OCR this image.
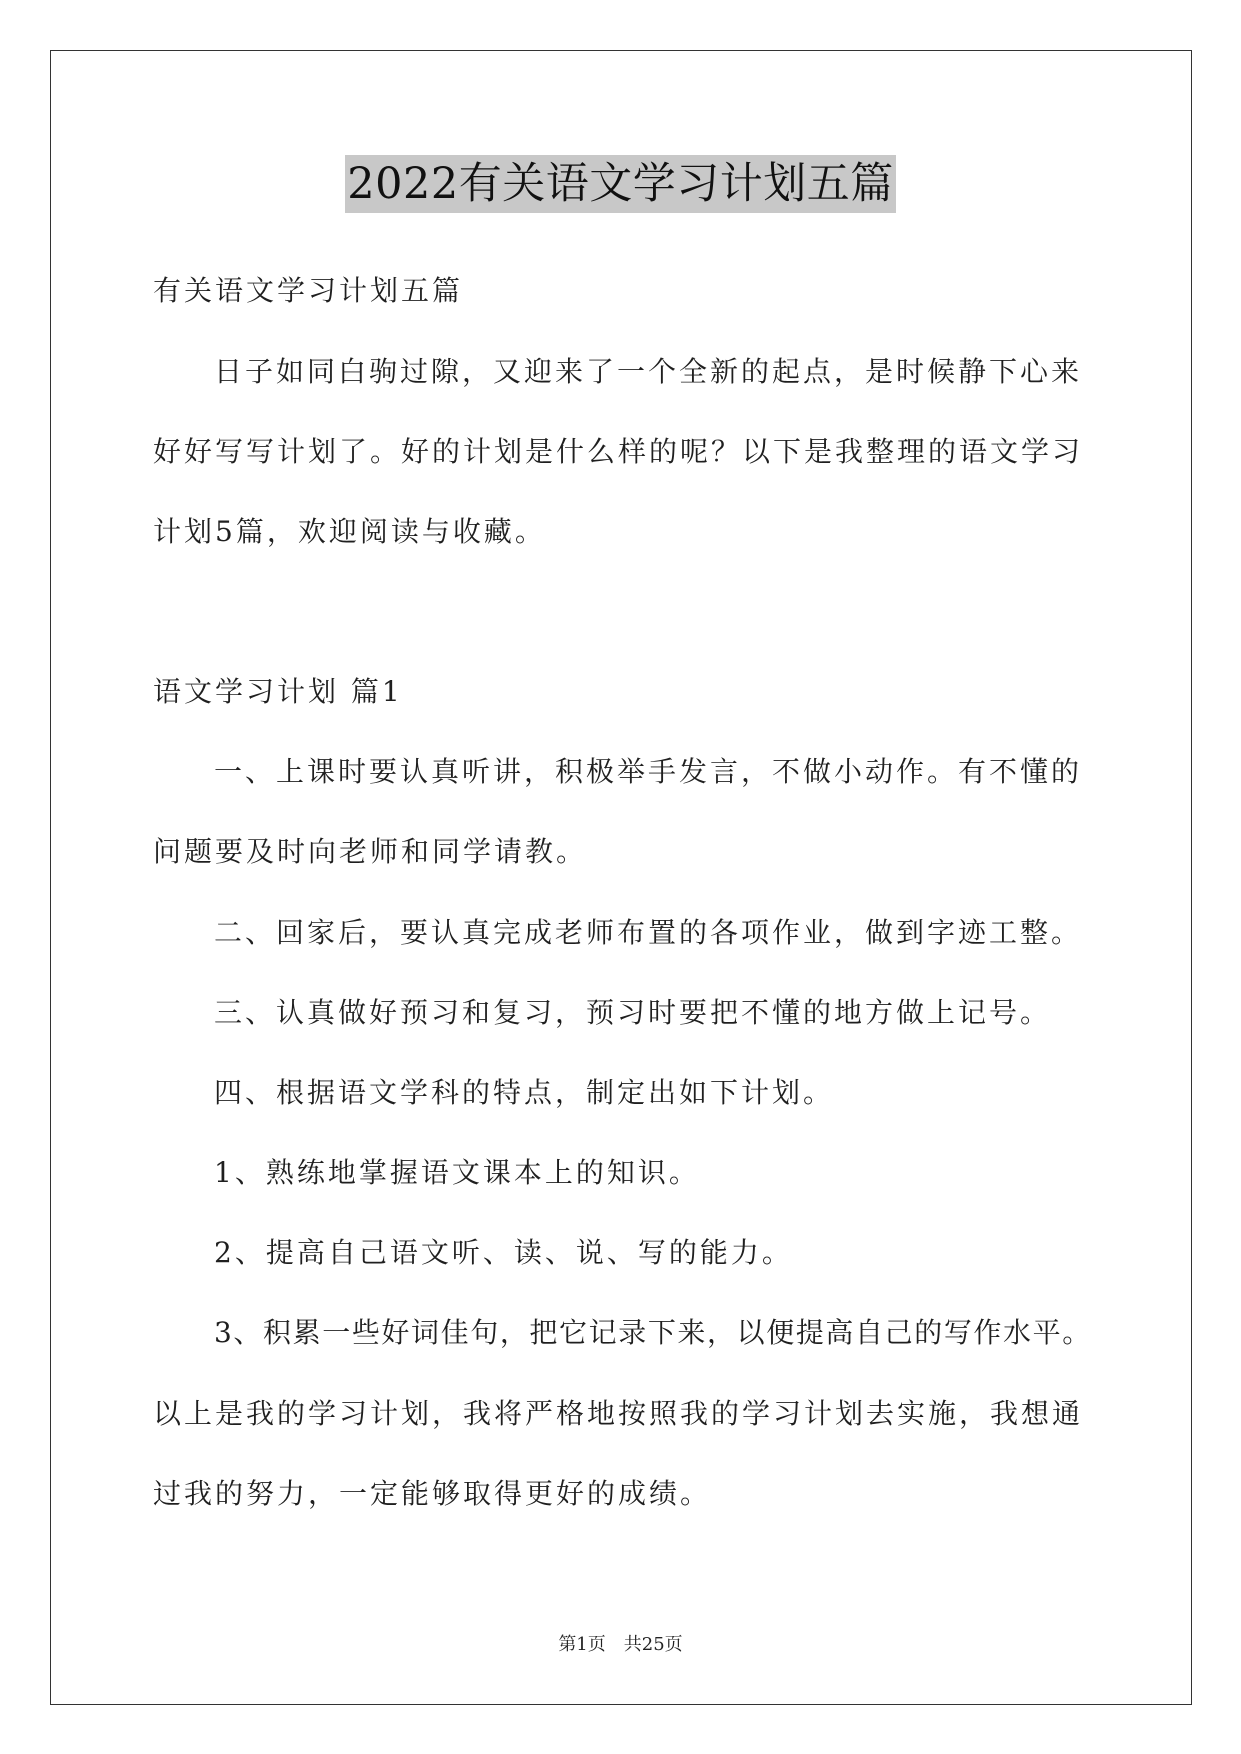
2022有关语文学习计划五篇
有关语文学习计划五篇
日子如同白驹过隙，又迎来了一个全新的起点，是时候静下心来
好好写写计划了。好的计划是什么样的呢？以下是我整理的语文学习
计划5篇，欢迎阅读与收藏。
语文学习计划 篇1
一、上课时要认真听讲，积极举手发言，不做小动作。有不懂的
问题要及时向老师和同学请教。
二、回家后，要认真完成老师布置的各项作业，做到字迹工整。
三、认真做好预习和复习，预习时要把不懂的地方做上记号。
四、根据语文学科的特点，制定出如下计划。
1、熟练地掌握语文课本上的知识。
2、提高自己语文听、读、说、写的能力。
3、积累一些好词佳句，把它记录下来，以便提高自己的写作水平。
以上是我的学习计划，我将严格地按照我的学习计划去实施，我想通
过我的努力，一定能够取得更好的成绩。
第1页 共25页
